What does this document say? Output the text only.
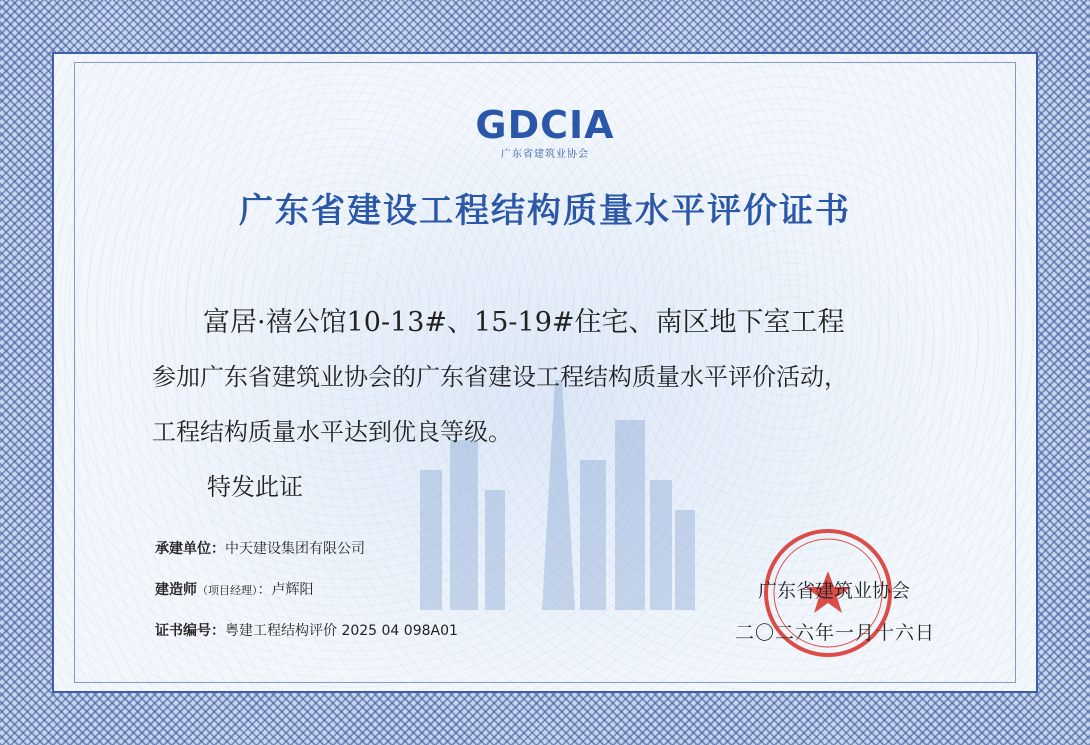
GDCIA
广东省建筑业协会
广东省建设工程结构质量水平评价证书
富居·禧公馆10-13#、15-19#住宅、南区地下室工程
参加广东省建筑业协会的广东省建设工程结构质量水平评价活动，
工程结构质量水平达到优良等级。
特发此证
承建单位：中天建设集团有限公司
建造师（项目经理）：卢辉阳
证书编号：粤建工程结构评价 2025 04 098A01
广东省建筑业协会
二〇二六年一月十六日
